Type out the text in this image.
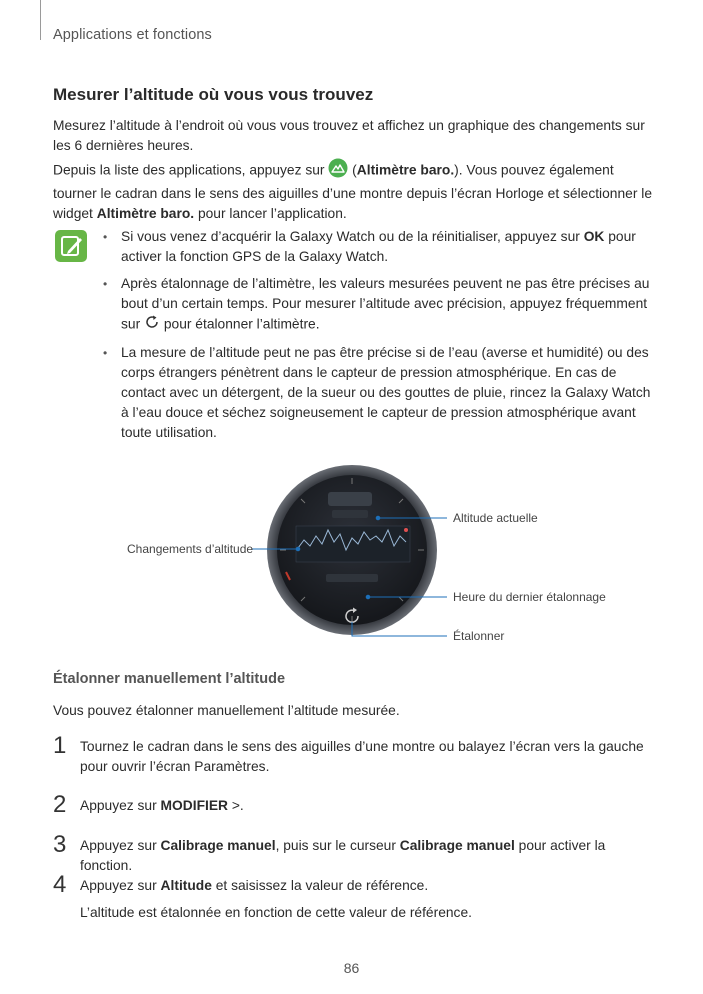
Applications et fonctions
Mesurer l’altitude où vous vous trouvez
Mesurez l’altitude à l’endroit où vous vous trouvez et affichez un graphique des changements sur les 6 dernières heures.
Depuis la liste des applications, appuyez sur  (Altimètre baro.). Vous pouvez également tourner le cadran dans le sens des aiguilles d’une montre depuis l’écran Horloge et sélectionner le widget Altimètre baro. pour lancer l’application.
• Si vous venez d’acquérir la Galaxy Watch ou de la réinitialiser, appuyez sur OK pour activer la fonction GPS de la Galaxy Watch.
• Après étalonnage de l’altimètre, les valeurs mesurées peuvent ne pas être précises au bout d’un certain temps. Pour mesurer l’altitude avec précision, appuyez fréquemment sur pour étalonner l’altimètre.
• La mesure de l’altitude peut ne pas être précise si de l’eau (averse et humidité) ou des corps étrangers pénètrent dans le capteur de pression atmosphérique. En cas de contact avec un détergent, de la sueur ou des gouttes de pluie, rincez la Galaxy Watch à l’eau douce et séchez soigneusement le capteur de pression atmosphérique avant toute utilisation.
Altitude actuelle
Changements d’altitude
Heure du dernier étalonnage
Étalonner
Étalonner manuellement l’altitude
Vous pouvez étalonner manuellement l’altitude mesurée.
1 Tournez le cadran dans le sens des aiguilles d’une montre ou balayez l’écran vers la gauche pour ouvrir l’écran Paramètres.
2 Appuyez sur MODIFIER >.
3 Appuyez sur Calibrage manuel, puis sur le curseur Calibrage manuel pour activer la fonction.
4 Appuyez sur Altitude et saisissez la valeur de référence.
L’altitude est étalonnée en fonction de cette valeur de référence.
86
